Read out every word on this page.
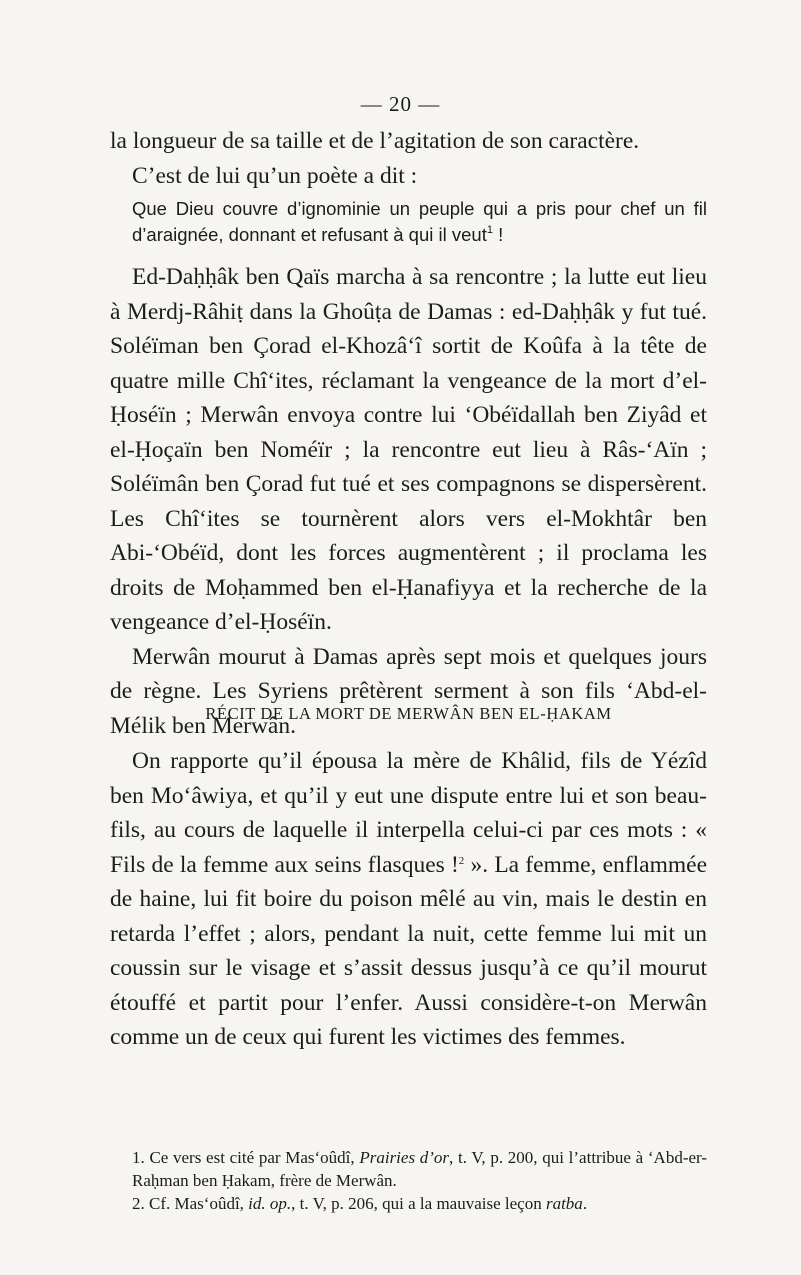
— 20 —

la longueur de sa taille et de l’agitation de son caractère.

C’est de lui qu’un poète a dit :

Que Dieu couvre d’ignominie un peuple qui a pris pour chef un fil d’araignée, donnant et refusant à qui il veut$^1$ !

Ed-Daḥḥâk ben Qaïs marcha à sa rencontre ; la lutte eut lieu à Merdj-Râhiṭ dans la Ghoûṭa de Damas : ed-Daḥḥâk y fut tué. Soléïman ben Çorad el-Khozâ‘î sortit de Koûfa à la tête de quatre mille Chî‘ites, réclamant la vengeance de la mort d’el-Ḥoséïn ; Merwân envoya contre lui ‘Obéïdallah ben Ziyâd et el-Ḥoçaïn ben Noméïr ; la rencontre eut lieu à Râs-‘Aïn ; Soléïmân ben Çorad fut tué et ses compagnons se dispersèrent. Les Chî‘ites se tournèrent alors vers el-Mokhtâr ben Abi-‘Obéïd, dont les forces augmentèrent ; il proclama les droits de Moḥammed ben el-Ḥanafiyya et la recherche de la vengeance d’el-Ḥoséïn.

Merwân mourut à Damas après sept mois et quelques jours de règne. Les Syriens prêtèrent serment à son fils ‘Abd-el-Mélik ben Merwân.

RÉCIT DE LA MORT DE MERWÂN BEN EL-ḤAKAM

On rapporte qu’il épousa la mère de Khâlid, fils de Yézîd ben Mo‘âwiya, et qu’il y eut une dispute entre lui et son beau-fils, au cours de laquelle il interpella celui-ci par ces mots : « Fils de la femme aux seins flasques !$^2$ ». La femme, enflammée de haine, lui fit boire du poison mêlé au vin, mais le destin en retarda l’effet ; alors, pendant la nuit, cette femme lui mit un coussin sur le visage et s’assit dessus jusqu’à ce qu’il mourut étouffé et partit pour l’enfer. Aussi considère-t-on Merwân comme un de ceux qui furent les victimes des femmes.

1. Ce vers est cité par Mas‘oûdî, Prairies d’or, t. V, p. 200, qui l’attribue à ‘Abd-er-Raḥman ben Ḥakam, frère de Merwân.

2. Cf. Mas‘oûdî, id. op., t. V, p. 206, qui a la mauvaise leçon ratba.
